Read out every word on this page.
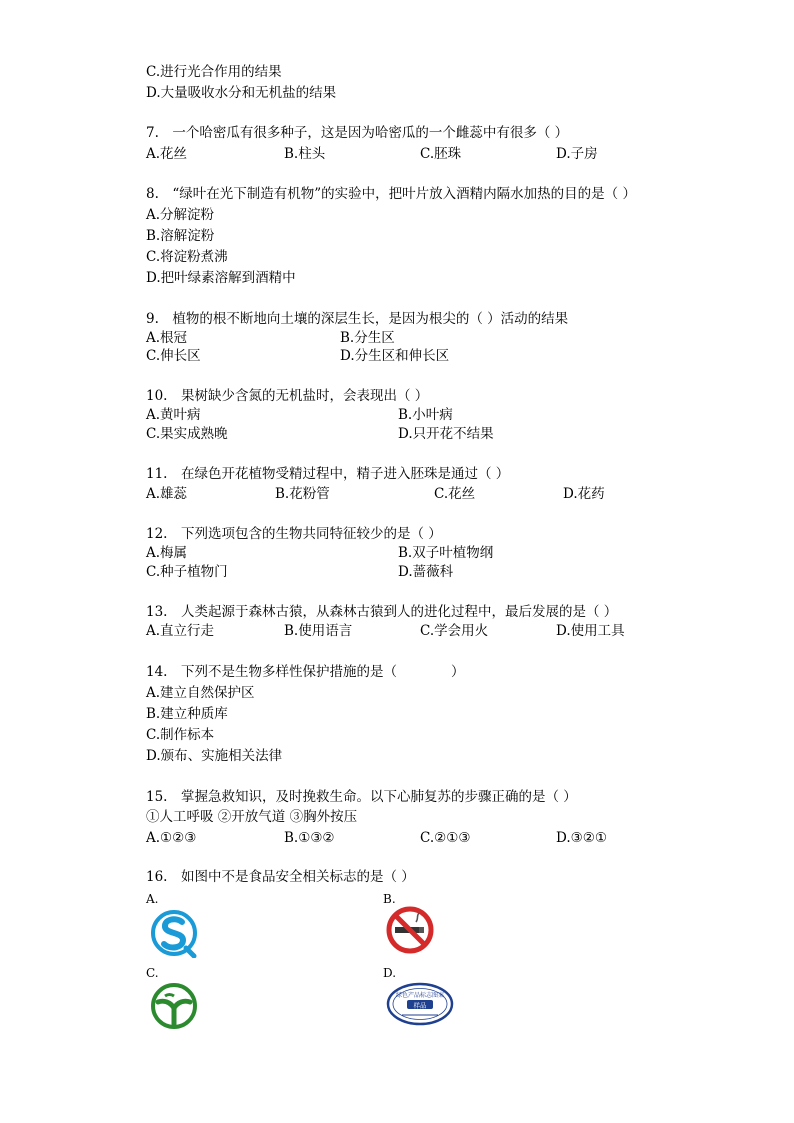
C.进行光合作用的结果
D.大量吸收水分和无机盐的结果
7.　一个哈密瓜有很多种子，这是因为哈密瓜的一个雌蕊中有很多（ ）
A.花丝	B.柱头	C.胚珠	D.子房
8.　“绿叶在光下制造有机物”的实验中，把叶片放入酒精内隔水加热的目的是（ ）
A.分解淀粉
B.溶解淀粉
C.将淀粉煮沸
D.把叶绿素溶解到酒精中
9.　植物的根不断地向土壤的深层生长，是因为根尖的（ ）活动的结果
A.根冠	B.分生区
C.伸长区	D.分生区和伸长区
10.　果树缺少含氮的无机盐时，会表现出（ ）
A.黄叶病	B.小叶病
C.果实成熟晚	D.只开花不结果
11.　在绿色开花植物受精过程中，精子进入胚珠是通过（ ）
A.雄蕊	B.花粉管	C.花丝	D.花药
12.　下列选项包含的生物共同特征较少的是（ ）
A.梅属	B.双子叶植物纲
C.种子植物门	D.蔷薇科
13.　人类起源于森林古猿，从森林古猿到人的进化过程中，最后发展的是（ ）
A.直立行走	B.使用语言	C.学会用火	D.使用工具
14.　下列不是生物多样性保护措施的是（　　　　）
A.建立自然保护区
B.建立种质库
C.制作标本
D.颁布、实施相关法律
15.　掌握急救知识，及时挽救生命。以下心肺复苏的步骤正确的是（ ）
①人工呼吸 ②开放气道 ③胸外按压
A.①②③	B.①③②	C.②①③	D.③②①
16.　如图中不是食品安全相关标志的是（ ）
A.	B.
C.	D.
绿色产品标志图案
样品
